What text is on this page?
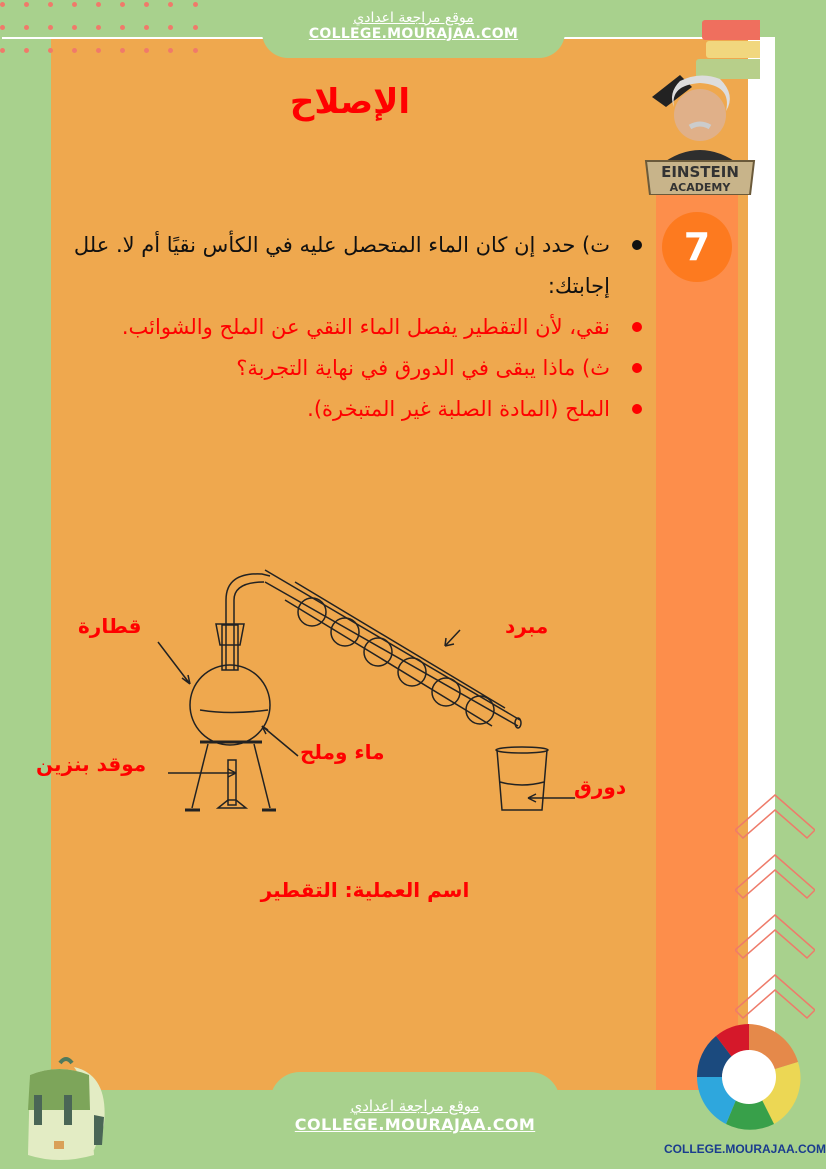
موقع مراجعة اعدادي
COLLEGE.MOURAJAA.COM
الإصلاح
EINSTEIN
ACADEMY
7
ت) حدد إن كان الماء المتحصل عليه في الكأس نقيًا أم لا. علل إجابتك:
نقي، لأن التقطير يفصل الماء النقي عن الملح والشوائب.
ث) ماذا يبقى في الدورق في نهاية التجربة؟
الملح (المادة الصلبة غير المتبخرة).
قطارة	مبرد
ماء وملح
موقد بنزين
دورق
اسم العملية: التقطير
COLLEGE.MOURAJAA.COM
موقع مراجعة اعدادي
COLLEGE.MOURAJAA.COM
